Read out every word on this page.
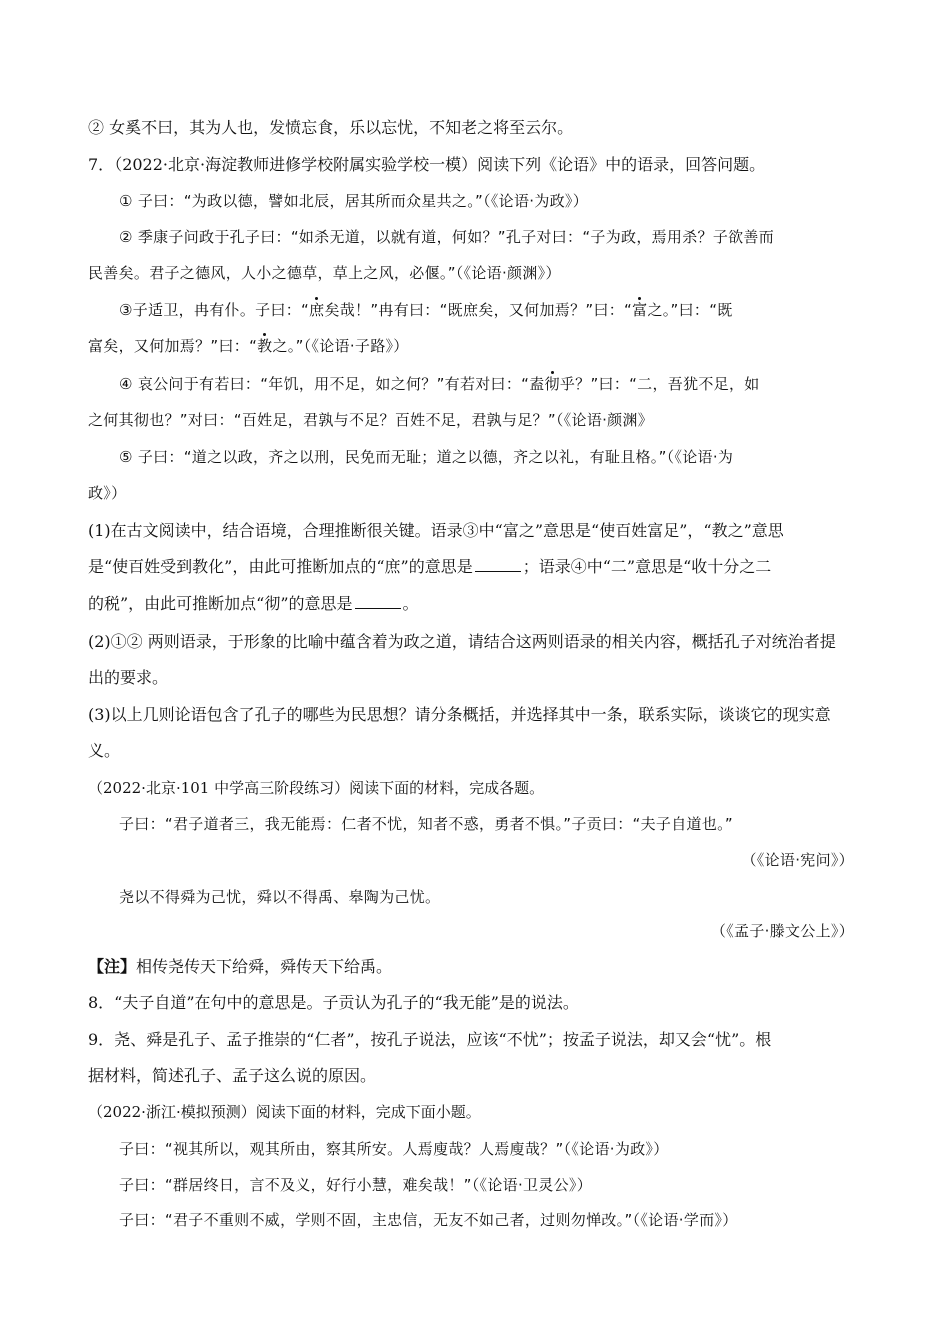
② 女奚不曰，其为人也，发愤忘食，乐以忘忧，不知老之将至云尔。
7．（2022·北京·海淀教师进修学校附属实验学校一模）阅读下列《论语》中的语录，回答问题。
① 子曰：“为政以德，譬如北辰，居其所而众星共之。”（《论语·为政》）
② 季康子问政于孔子曰：“如杀无道，以就有道，何如？”孔子对曰：“子为政，焉用杀？子欲善而
民善矣。君子之德风，人小之德草，草上之风，必偃。”（《论语·颜渊》）
③子适卫，冉有仆。子曰：“庶矣哉！”冉有曰：“既庶矣，又何加焉？”曰：“富之。”曰：“既
富矣，又何加焉？”曰：“教之。”（《论语·子路》）
④ 哀公问于有若曰：“年饥，用不足，如之何？”有若对曰：“盍彻乎？”曰：“二，吾犹不足，如
之何其彻也？”对曰：“百姓足，君孰与不足？百姓不足，君孰与足？”（《论语·颜渊》
⑤ 子曰：“道之以政，齐之以刑，民免而无耻；道之以德，齐之以礼，有耻且格。”（《论语·为
政》）
(1)在古文阅读中，结合语境，合理推断很关键。语录③中“富之”意思是“使百姓富足”，“教之”意思
是“使百姓受到教化”，由此可推断加点的“庶”的意思是	；语录④中“二”意思是“收十分之二
的税”，由此可推断加点“彻”的意思是	。
(2)①② 两则语录，于形象的比喻中蕴含着为政之道，请结合这两则语录的相关内容，概括孔子对统治者提
出的要求。
(3)以上几则论语包含了孔子的哪些为民思想？请分条概括，并选择其中一条，联系实际，谈谈它的现实意
义。
（2022·北京·101 中学高三阶段练习）阅读下面的材料，完成各题。
子曰：“君子道者三，我无能焉：仁者不忧，知者不惑，勇者不惧。”子贡曰：“夫子自道也。”
（《论语·宪问》）
尧以不得舜为己忧，舜以不得禹、皋陶为己忧。
（《孟子·滕文公上》）
【注】相传尧传天下给舜，舜传天下给禹。
8．“夫子自道”在句中的意思是。子贡认为孔子的“我无能”是的说法。
9．尧、舜是孔子、孟子推崇的“仁者”，按孔子说法，应该“不忧”；按孟子说法，却又会“忧”。根
据材料，简述孔子、孟子这么说的原因。
（2022·浙江·模拟预测）阅读下面的材料，完成下面小题。
子曰：“视其所以，观其所由，察其所安。人焉廋哉？人焉廋哉？”（《论语·为政》）
子曰：“群居终日，言不及义，好行小慧，难矣哉！”（《论语·卫灵公》）
子曰：“君子不重则不威，学则不固，主忠信，无友不如己者，过则勿惮改。”（《论语·学而》）
